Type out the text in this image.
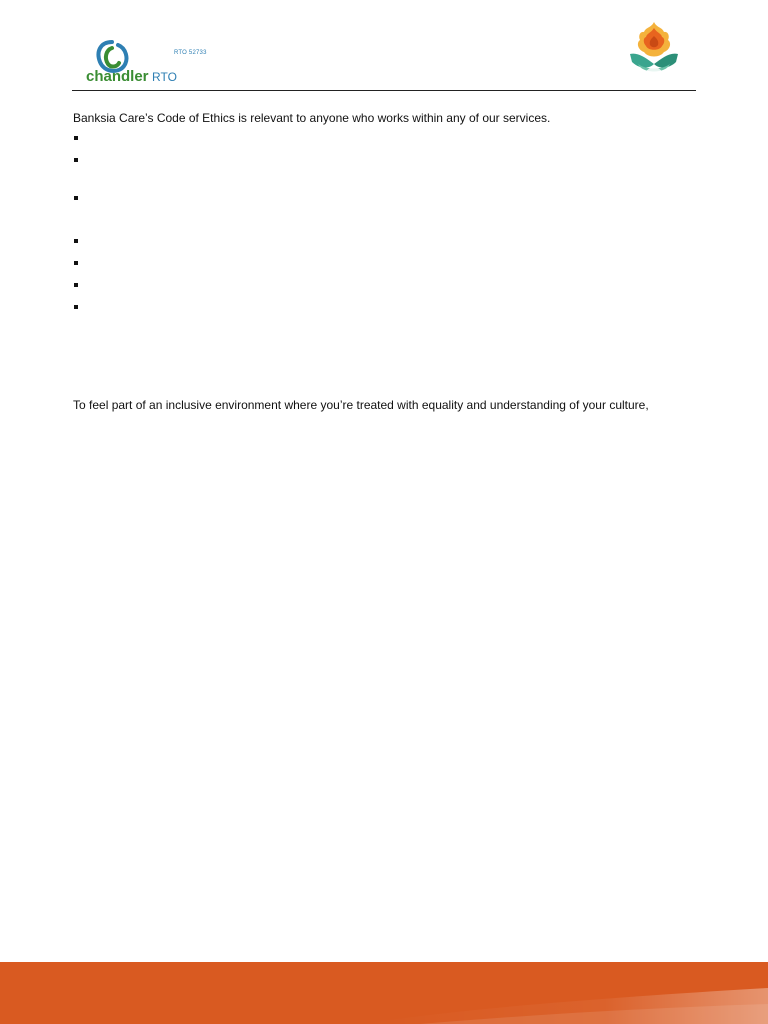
RTO 52733
chandler RTO
Banksia Care’s Code of Ethics is relevant to anyone who works within any of our services.
To feel part of an inclusive environment where you’re treated with equality and understanding of your culture,
